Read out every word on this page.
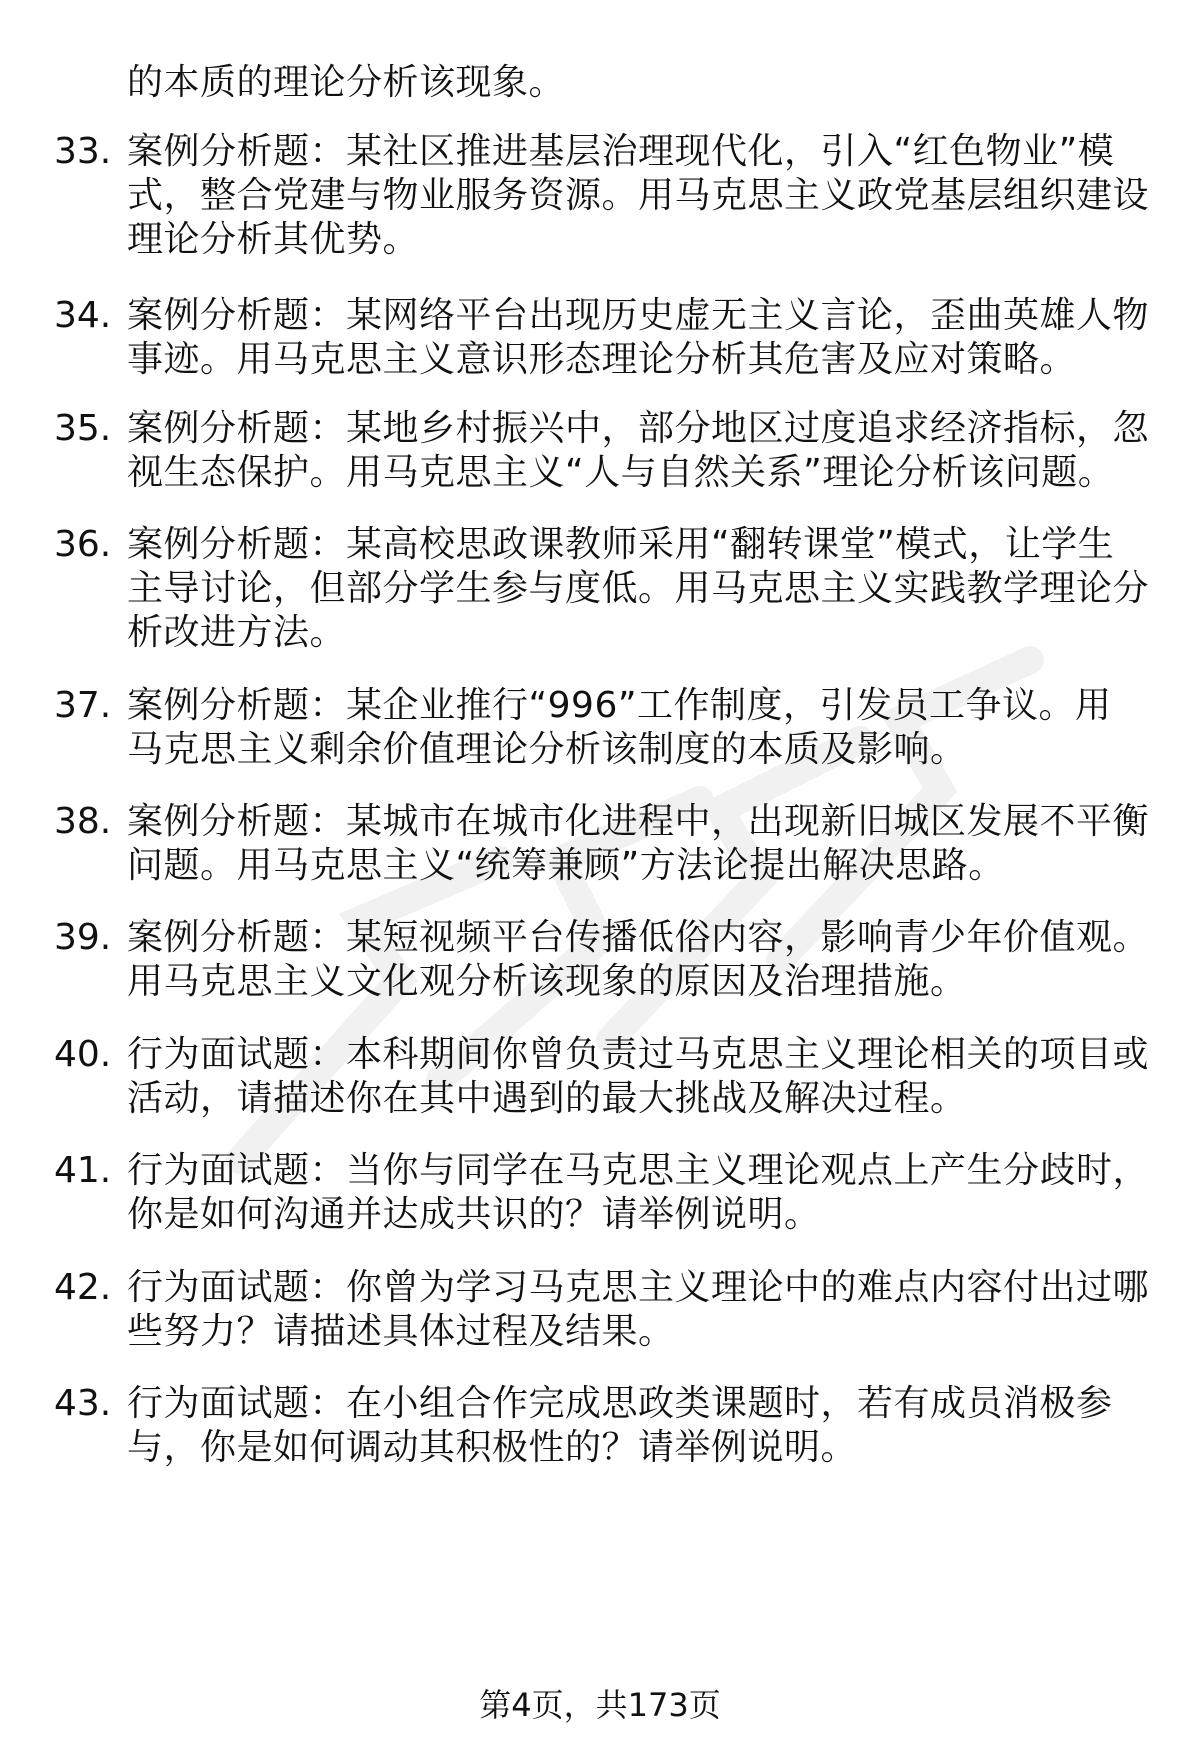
的本质的理论分析该现象。
33. 案例分析题：某社区推进基层治理现代化，引入“红色物业”模
式，整合党建与物业服务资源。用马克思主义政党基层组织建设
理论分析其优势。
34. 案例分析题：某网络平台出现历史虚无主义言论，歪曲英雄人物
事迹。用马克思主义意识形态理论分析其危害及应对策略。
35. 案例分析题：某地乡村振兴中，部分地区过度追求经济指标，忽
视生态保护。用马克思主义“人与自然关系”理论分析该问题。
36. 案例分析题：某高校思政课教师采用“翻转课堂”模式，让学生
主导讨论，但部分学生参与度低。用马克思主义实践教学理论分
析改进方法。
37. 案例分析题：某企业推行“996”工作制度，引发员工争议。用
马克思主义剩余价值理论分析该制度的本质及影响。
38. 案例分析题：某城市在城市化进程中，出现新旧城区发展不平衡
问题。用马克思主义“统筹兼顾”方法论提出解决思路。
39. 案例分析题：某短视频平台传播低俗内容，影响青少年价值观。
用马克思主义文化观分析该现象的原因及治理措施。
40. 行为面试题：本科期间你曾负责过马克思主义理论相关的项目或
活动，请描述你在其中遇到的最大挑战及解决过程。
41. 行为面试题：当你与同学在马克思主义理论观点上产生分歧时，
你是如何沟通并达成共识的？请举例说明。
42. 行为面试题：你曾为学习马克思主义理论中的难点内容付出过哪
些努力？请描述具体过程及结果。
43. 行为面试题：在小组合作完成思政类课题时，若有成员消极参
与，你是如何调动其积极性的？请举例说明。
第4页，共173页
